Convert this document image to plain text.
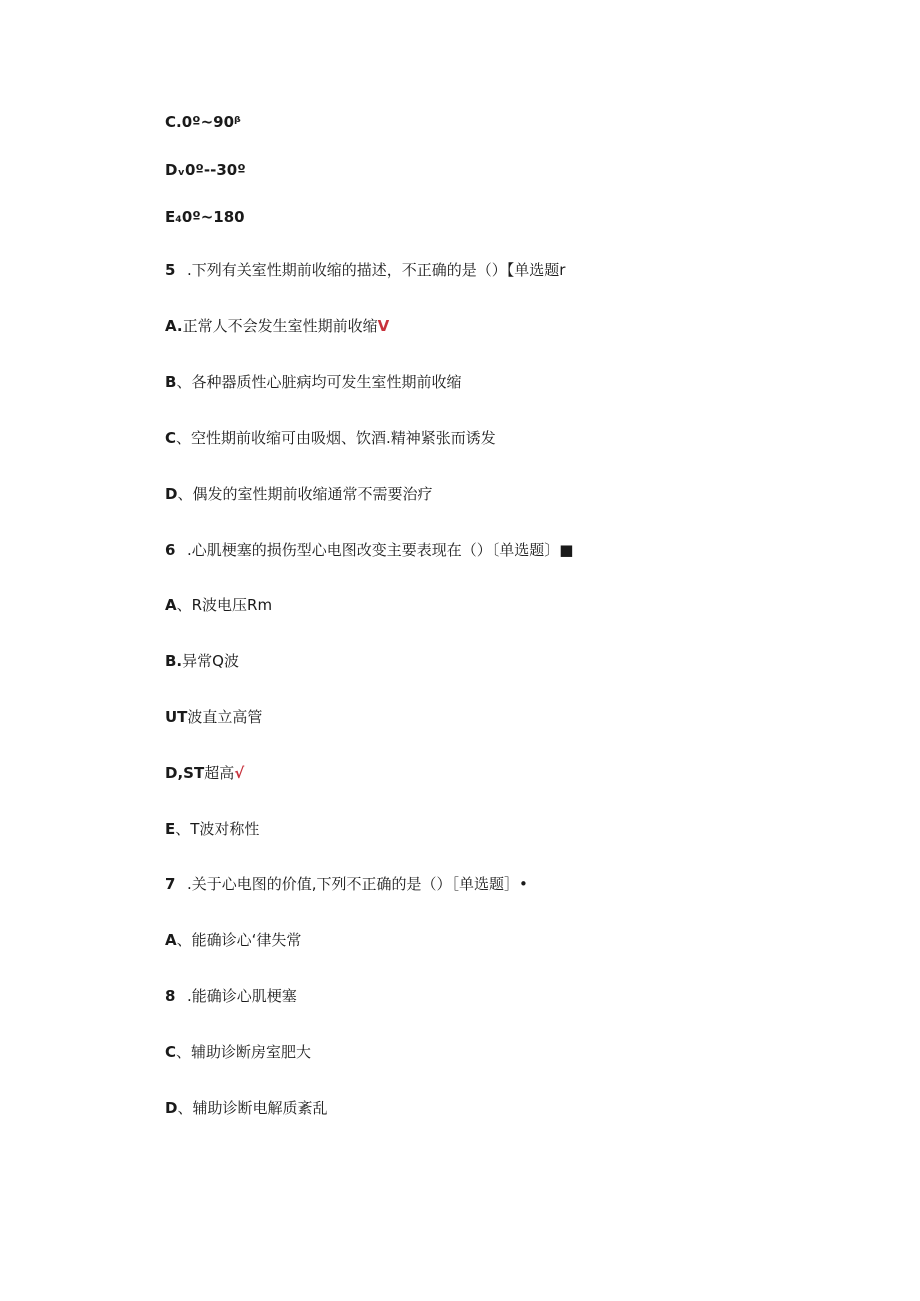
C.0º~90ᵝ
Dᵥ0º--30º
E₄0º~180
5 .下列有关室性期前收缩的描述，不正确的是（）【单选题r
A.正常人不会发生室性期前收缩V
B、各种器质性心脏病均可发生室性期前收缩
C、空性期前收缩可由吸烟、饮酒.精神紧张而诱发
D、偶发的室性期前收缩通常不需要治疗
6 .心肌梗塞的损伤型心电图改变主要表现在（）〔单选题〕■
A、R波电压Rm
B.异常Q波
UT波直立高管
D,ST超高√
E、T波对称性
7 .关于心电图的价值,下列不正确的是（）［单选题］•
A、能确诊心‘律失常
8 .能确诊心肌梗塞
C、辅助诊断房室肥大
D、辅助诊断电解质紊乱
